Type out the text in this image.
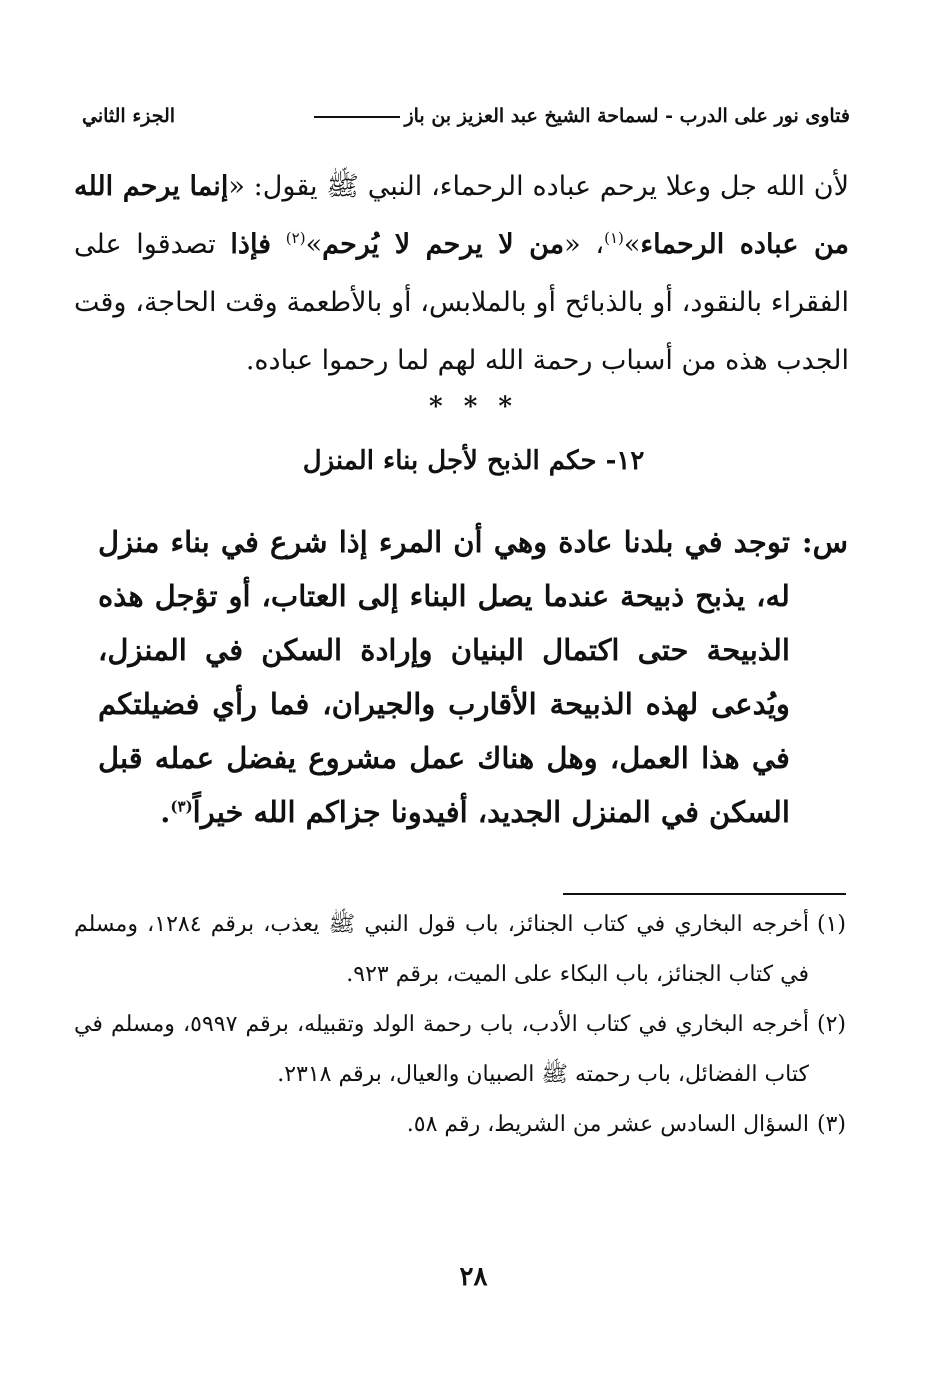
فتاوى نور على الدرب - لسماحة الشيخ عبد العزيز بن باز
الجزء الثاني
لأن الله جل وعلا يرحم عباده الرحماء، النبي ﷺ يقول: «إنما يرحم الله من عباده الرحماء»$^{(١)}$، «من لا يرحم لا يُرحم»$^{(٢)}$ فإذا تصدقوا على الفقراء بالنقود، أو بالذبائح أو بالملابس، أو بالأطعمة وقت الحاجة، وقت الجدب هذه من أسباب رحمة الله لهم لما رحموا عباده.
* * *
١٢- حكم الذبح لأجل بناء المنزل
س:
توجد في بلدنا عادة وهي أن المرء إذا شرع في بناء منزل له، يذبح ذبيحة عندما يصل البناء إلى العتاب، أو تؤجل هذه الذبيحة حتى اكتمال البنيان وإرادة السكن في المنزل، ويُدعى لهذه الذبيحة الأقارب والجيران، فما رأي فضيلتكم في هذا العمل، وهل هناك عمل مشروع يفضل عمله قبل السكن في المنزل الجديد، أفيدونا جزاكم الله خيراً$^{(٣)}$.
(١)
أخرجه البخاري في كتاب الجنائز، باب قول النبي ﷺ يعذب، برقم ١٢٨٤، ومسلم في كتاب الجنائز، باب البكاء على الميت، برقم ٩٢٣.
(٢)
أخرجه البخاري في كتاب الأدب، باب رحمة الولد وتقبيله، برقم ٥٩٩٧، ومسلم في كتاب الفضائل، باب رحمته ﷺ الصبيان والعيال، برقم ٢٣١٨.
(٣)
السؤال السادس عشر من الشريط، رقم ٥٨.
٢٨
